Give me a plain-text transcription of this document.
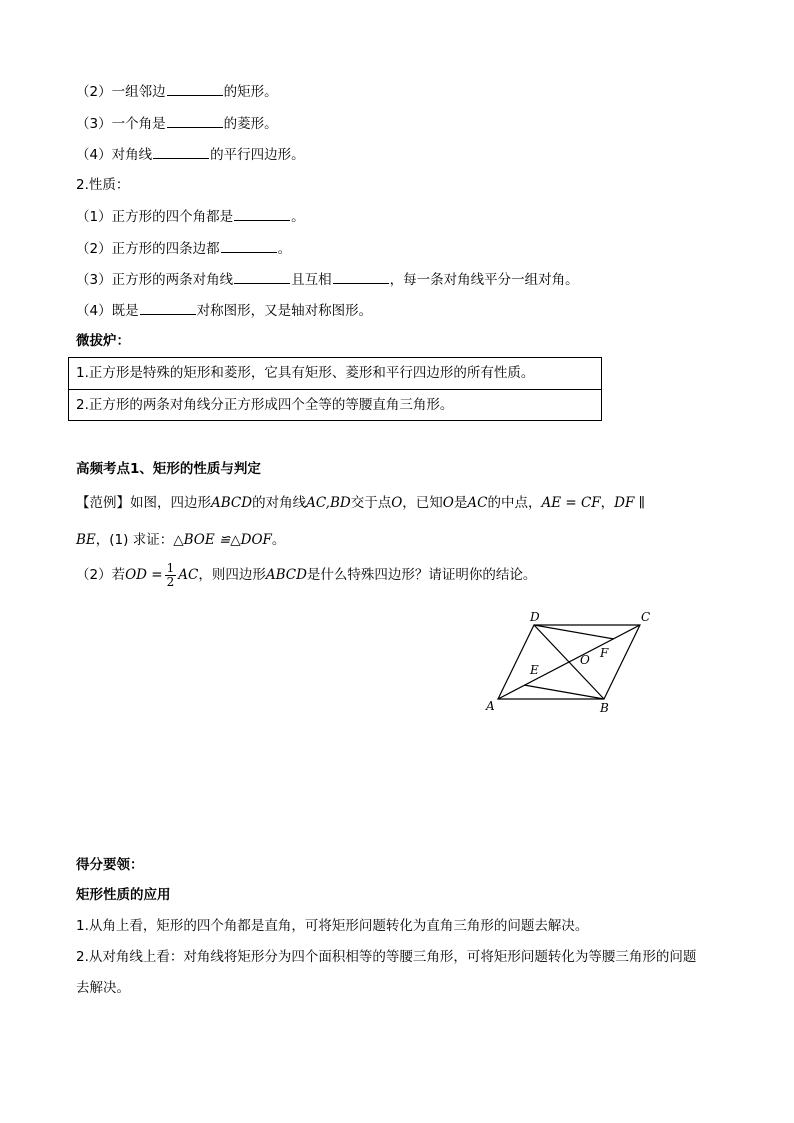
（2）一组邻边	的矩形。
（3）一个角是	的菱形。
（4）对角线	的平行四边形。
2.性质：
（1）正方形的四个角都是	。
（2）正方形的四条边都	。
（3）正方形的两条对角线	且互相	，每一条对角线平分一组对角。
（4）既是	对称图形，又是轴对称图形。
微拔炉：
1.正方形是特殊的矩形和菱形，它具有矩形、菱形和平行四边形的所有性质。
2.正方形的两条对角线分正方形成四个全等的等腰直角三角形。
高频考点1、矩形的性质与判定
【范例】如图，四边形ABCD的对角线AC,BD交于点O，已知O是AC的中点，AE = CF，DF ∥
BE，(1) 求证：△BOE ≌△DOF。
（2）若OD = $\frac{1}{2}$ AC，则四边形ABCD是什么特殊四边形？请证明你的结论。
A	B
C
D
E
F
O
得分要领：
矩形性质的应用
1.从角上看，矩形的四个角都是直角，可将矩形问题转化为直角三角形的问题去解决。
2.从对角线上看：对角线将矩形分为四个面积相等的等腰三角形，可将矩形问题转化为等腰三角形的问题
去解决。
